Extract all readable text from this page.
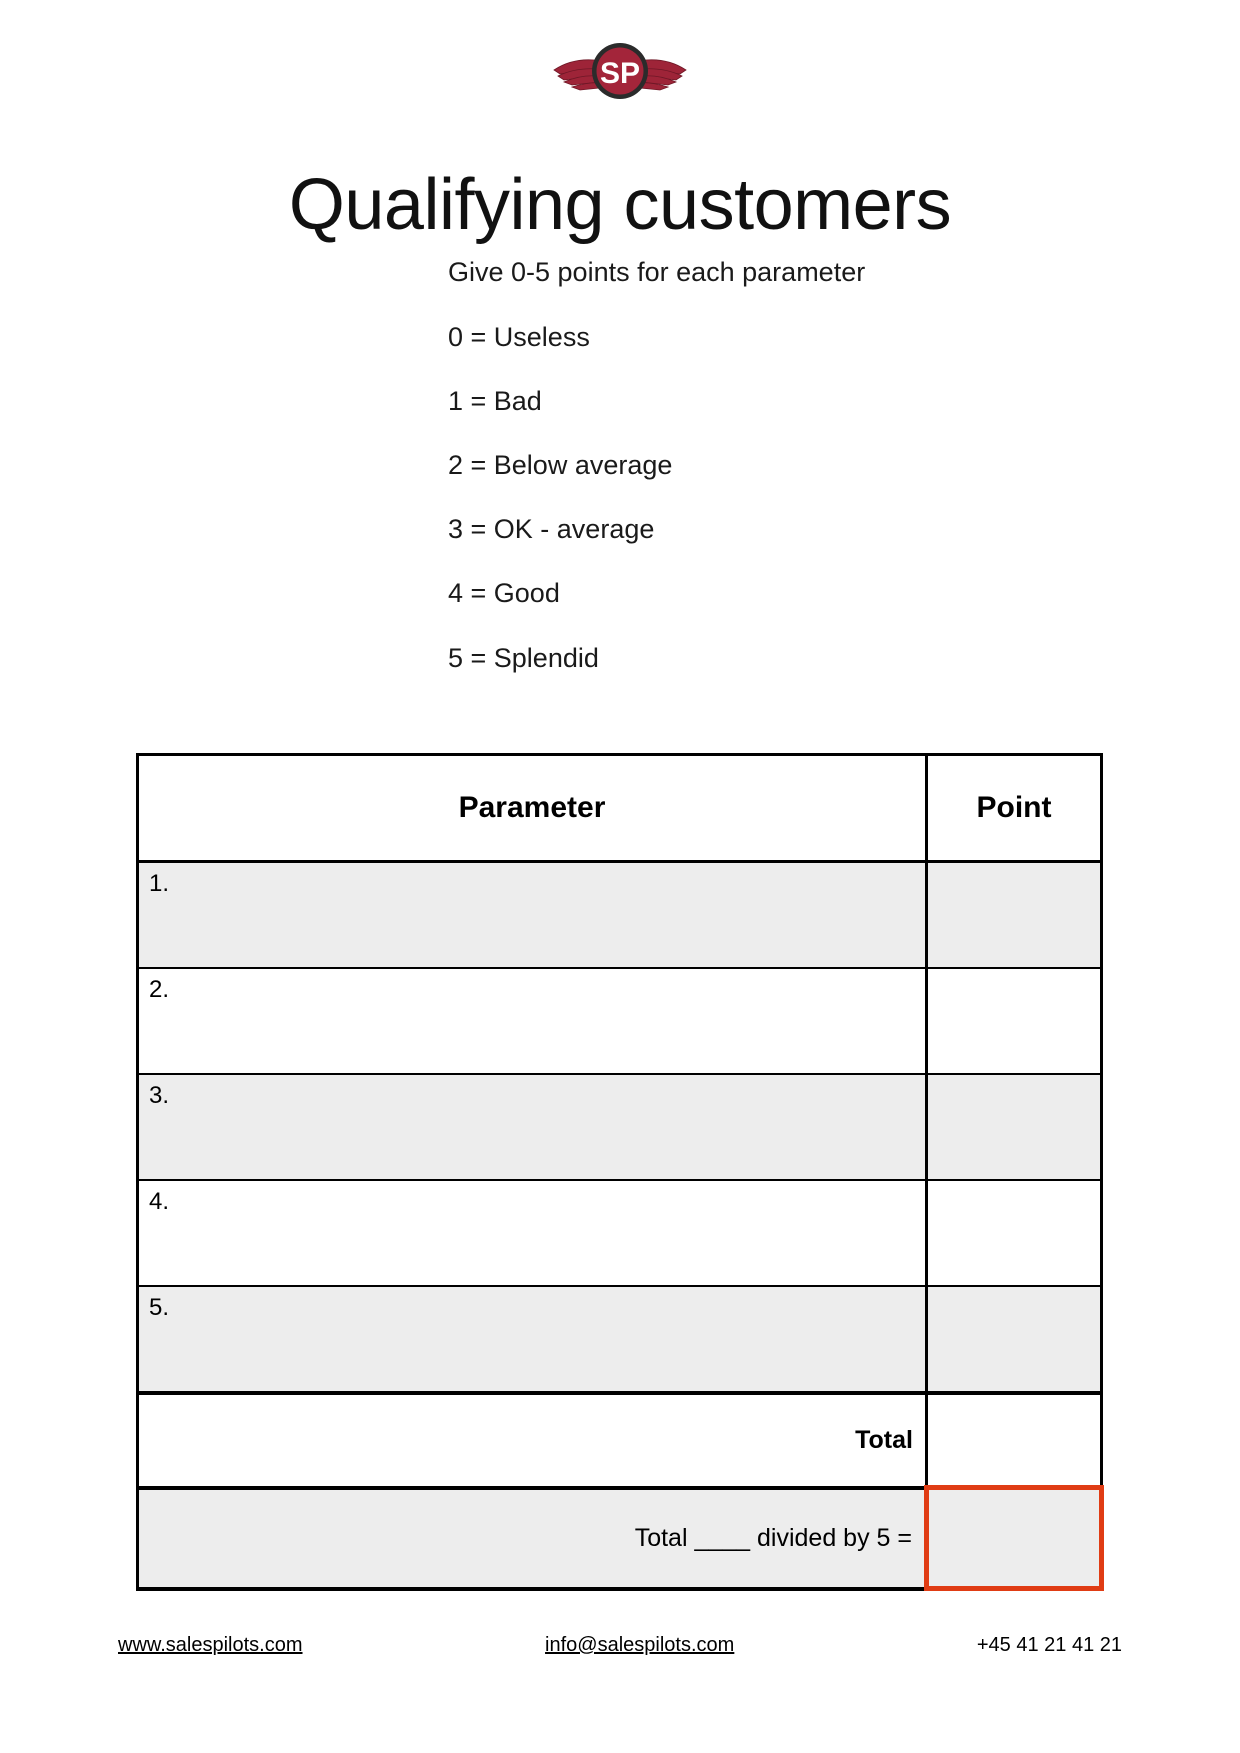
SP
Qualifying customers
Give 0-5 points for each parameter
0 = Useless
1 = Bad
2 = Below average
3 = OK - average
4 = Good
5 = Splendid
Parameter	Point
1.	
2.	
3.	
4.	
5.	
Total	
Total ____ divided by 5 =	
www.salespilots.com	info@salespilots.com	+45 41 21 41 21
